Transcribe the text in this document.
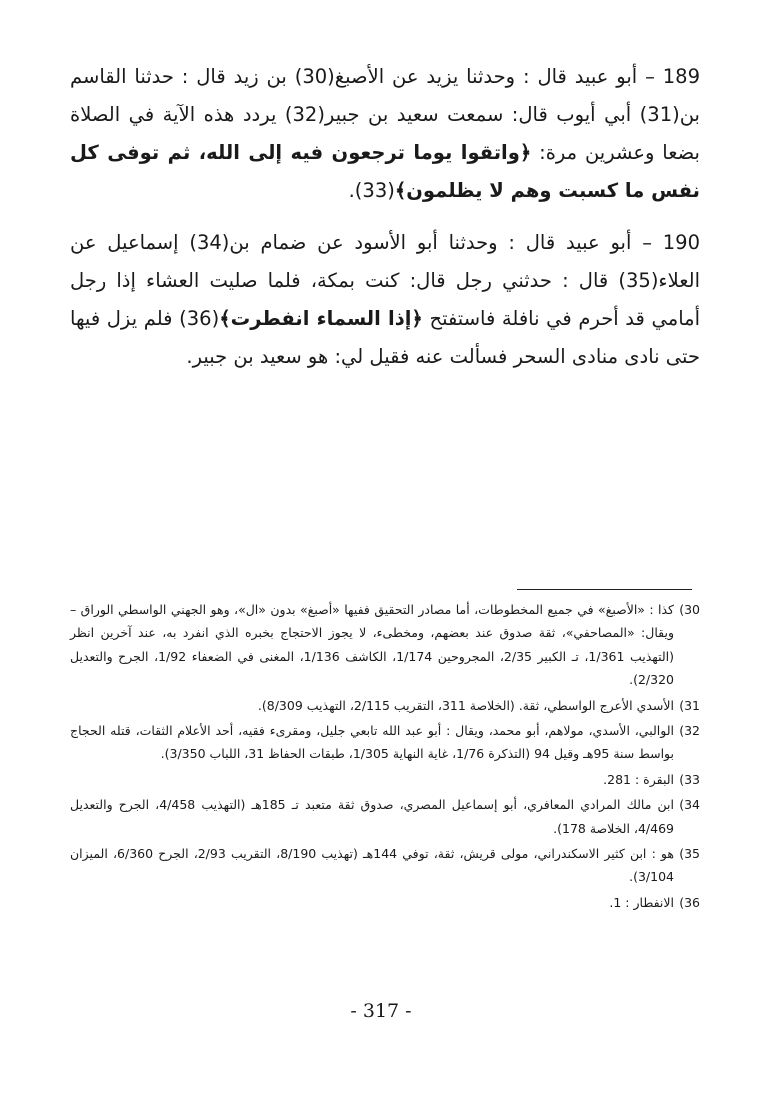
189 – أبو عبيد قال : وحدثنا يزيد عن الأصبغ(30) بن زيد قال : حدثنا القاسم بن(31) أبي أيوب قال: سمعت سعيد بن جبير(32) يردد هذه الآية في الصلاة بضعا وعشرين مرة: ﴿واتقوا يوما ترجعون فيه إلى الله، ثم توفى كل نفس ما كسبت وهم لا يظلمون﴾(33).

190 – أبو عبيد قال : وحدثنا أبو الأسود عن ضمام بن(34) إسماعيل عن العلاء(35) قال : حدثني رجل قال: كنت بمكة، فلما صليت العشاء إذا رجل أمامي قد أحرم في نافلة فاستفتح ﴿إذا السماء انفطرت﴾(36) فلم يزل فيها حتى نادى منادى السحر فسألت عنه فقيل لي: هو سعيد بن جبير.

30)
كذا : «الأصبغ» في جميع المخطوطات، أما مصادر التحقيق ففيها «أصبغ» بدون «ال»، وهو الجهني الواسطي الوراق – ويقال: «المصاحفي»، ثقة صدوق عند بعضهم، ومخطىء، لا يجوز الاحتجاج بخبره الذي انفرد به، عند آخرين انظر (التهذيب 1/361، تـ الكبير 2/35، المجروحين 1/174، الكاشف 1/136، المغنى في الضعفاء 1/92، الجرح والتعديل 2/320).
31)
الأسدي الأعرج الواسطي، ثقة. (الخلاصة 311، التقريب 2/115، التهذيب 8/309).
32)
الوالبي، الأسدي، مولاهم، أبو محمد، ويقال : أبو عبد الله تابعي جليل، ومقرىء فقيه، أحد الأعلام الثقات، قتله الحجاج بواسط سنة 95هـ وقيل 94 (التذكرة 1/76، غاية النهاية 1/305، طبقات الحفاظ 31، اللباب 3/350).
33)
البقرة : 281.
34)
ابن مالك المرادي المعافري، أبو إسماعيل المصري، صدوق ثقة متعبد تـ 185هـ (التهذيب 4/458، الجرح والتعديل 4/469، الخلاصة 178).
35)
هو : ابن كثير الاسكندراني، مولى قريش، ثقة، توفي 144هـ (تهذيب 8/190، التقريب 2/93، الجرح 6/360، الميزان 3/104).
36)
الانفطار : 1.
- 317 -
